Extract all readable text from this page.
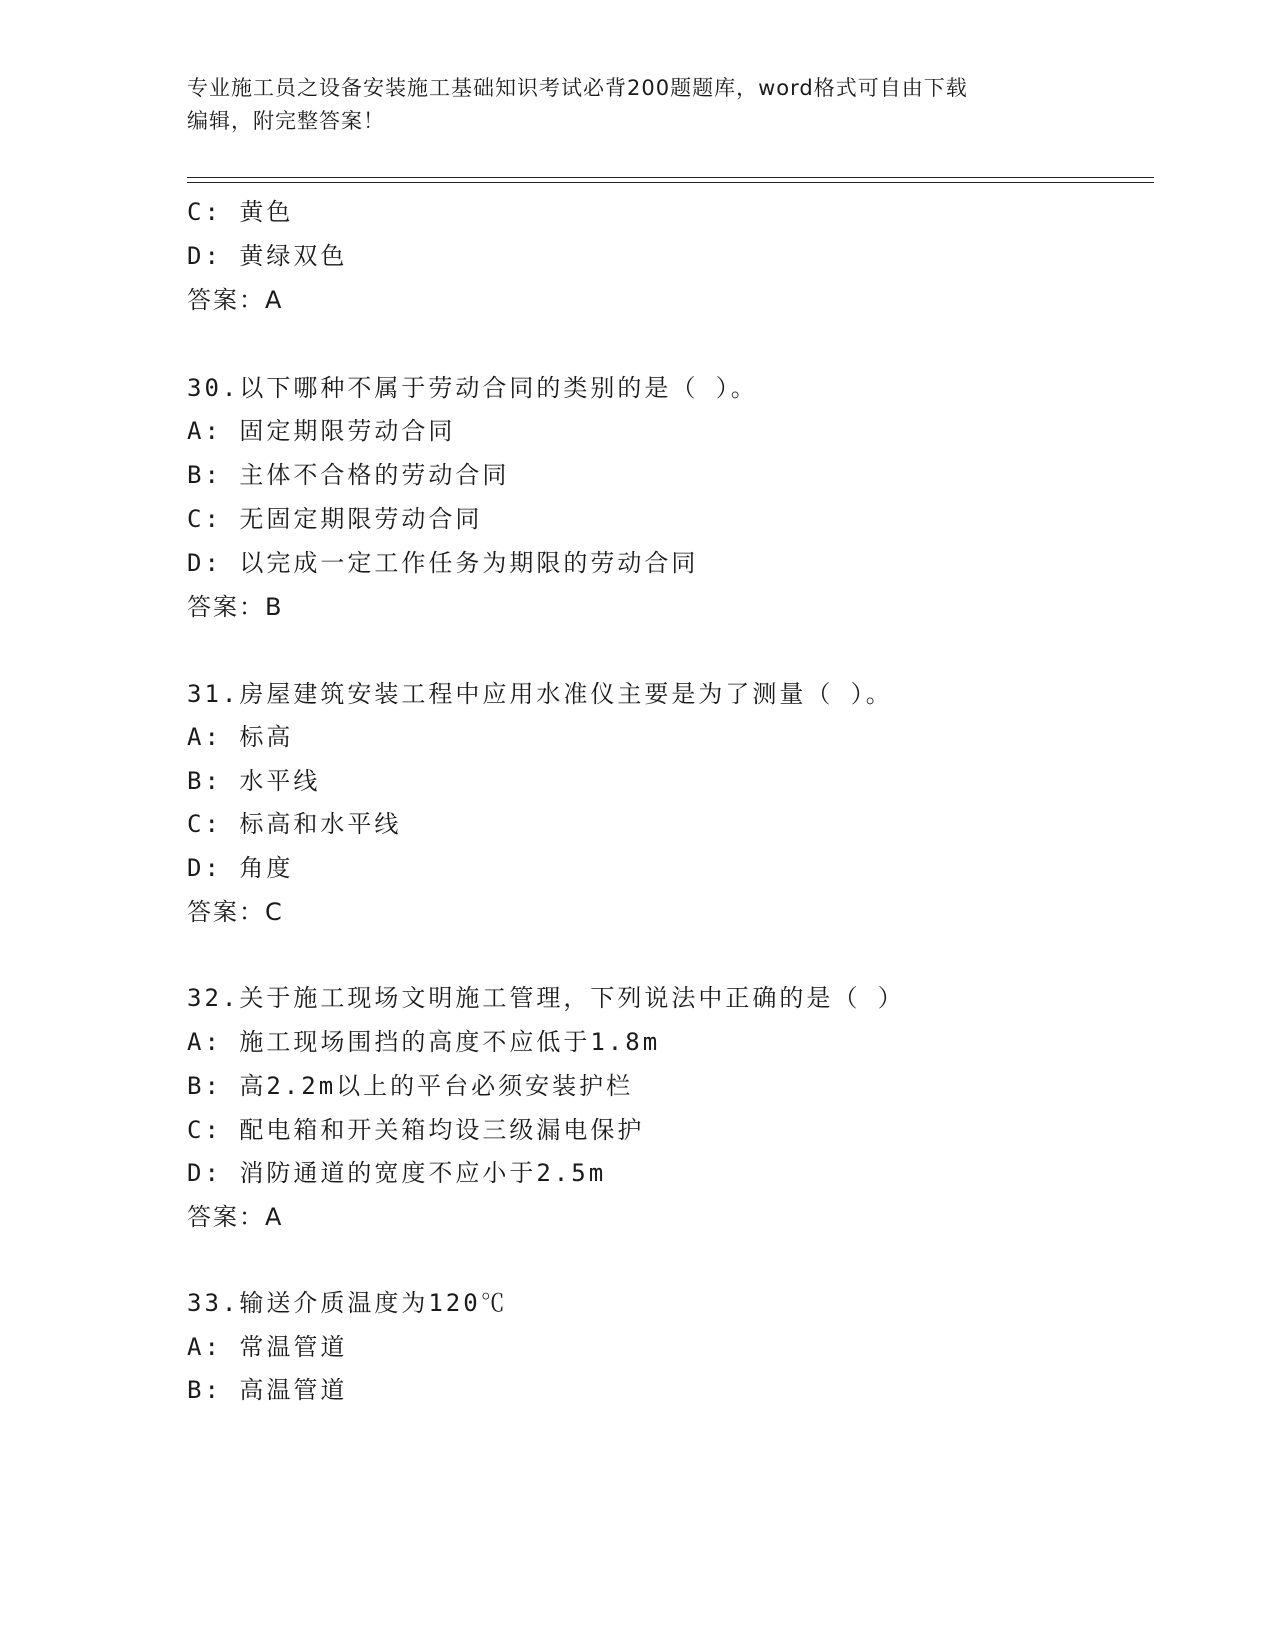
专业施工员之设备安装施工基础知识考试必背200题题库，word格式可自由下载
编辑，附完整答案！
C: 黄色
D: 黄绿双色
答案：A
30.以下哪种不属于劳动合同的类别的是（ ）。
A: 固定期限劳动合同
B: 主体不合格的劳动合同
C: 无固定期限劳动合同
D: 以完成一定工作任务为期限的劳动合同
答案：B
31.房屋建筑安装工程中应用水准仪主要是为了测量（ ）。
A: 标高
B: 水平线
C: 标高和水平线
D: 角度
答案：C
32.关于施工现场文明施工管理，下列说法中正确的是（ ）
A: 施工现场围挡的高度不应低于1.8m
B: 高2.2m以上的平台必须安装护栏
C: 配电箱和开关箱均设三级漏电保护
D: 消防通道的宽度不应小于2.5m
答案：A
33.输送介质温度为120℃
A: 常温管道
B: 高温管道
